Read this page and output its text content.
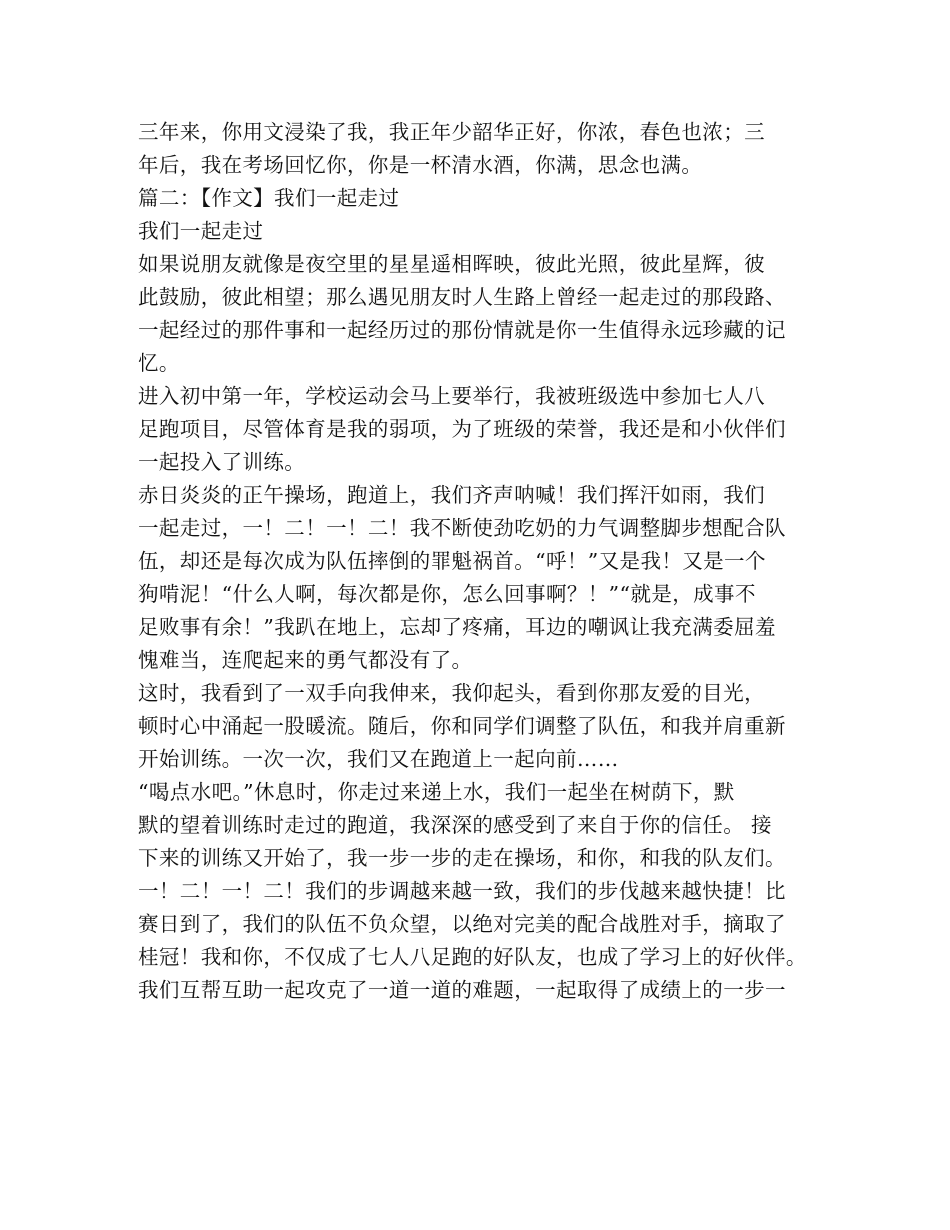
三年来，你用文浸染了我，我正年少韶华正好，你浓，春色也浓；三
年后，我在考场回忆你，你是一杯清水酒，你满，思念也满。
篇二：【作文】我们一起走过
我们一起走过
如果说朋友就像是夜空里的星星遥相晖映，彼此光照，彼此星辉，彼
此鼓励，彼此相望；那么遇见朋友时人生路上曾经一起走过的那段路、
一起经过的那件事和一起经历过的那份情就是你一生值得永远珍藏的记
忆。
进入初中第一年，学校运动会马上要举行，我被班级选中参加七人八
足跑项目，尽管体育是我的弱项，为了班级的荣誉，我还是和小伙伴们
一起投入了训练。
赤日炎炎的正午操场，跑道上，我们齐声呐喊！我们挥汗如雨，我们
一起走过，一！二！一！二！我不断使劲吃奶的力气调整脚步想配合队
伍，却还是每次成为队伍摔倒的罪魁祸首。“呼！”又是我！又是一个
狗啃泥！“什么人啊，每次都是你，怎么回事啊？！”“就是，成事不
足败事有余！”我趴在地上，忘却了疼痛，耳边的嘲讽让我充满委屈羞
愧难当，连爬起来的勇气都没有了。
这时，我看到了一双手向我伸来，我仰起头，看到你那友爱的目光，
顿时心中涌起一股暖流。随后，你和同学们调整了队伍，和我并肩重新
开始训练。一次一次，我们又在跑道上一起向前……
“喝点水吧。”休息时，你走过来递上水，我们一起坐在树荫下，默
默的望着训练时走过的跑道，我深深的感受到了来自于你的信任。 接
下来的训练又开始了，我一步一步的走在操场，和你，和我的队友们。
一！二！一！二！我们的步调越来越一致，我们的步伐越来越快捷！比
赛日到了，我们的队伍不负众望，以绝对完美的配合战胜对手，摘取了
桂冠！我和你，不仅成了七人八足跑的好队友，也成了学习上的好伙伴。
我们互帮互助一起攻克了一道一道的难题，一起取得了成绩上的一步一
